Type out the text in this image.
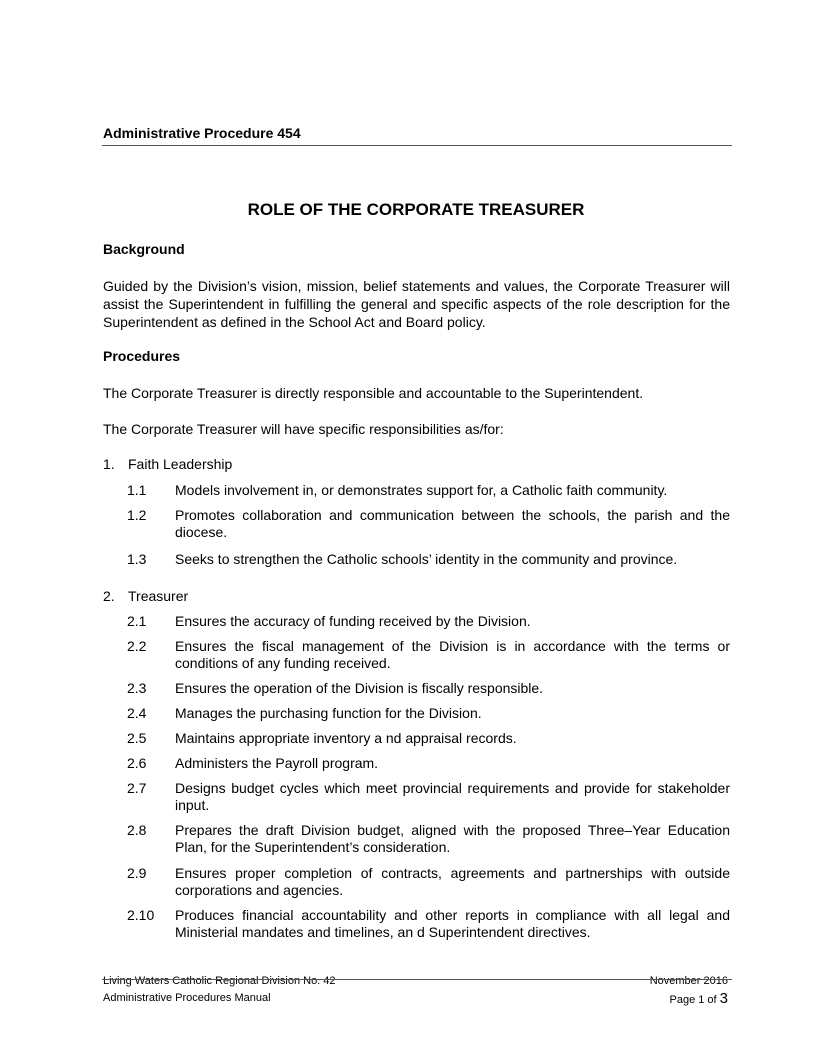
Administrative Procedure 454
ROLE OF THE CORPORATE TREASURER
Background

Guided by the Division’s vision, mission, belief statements and values, the Corporate Treasurer will assist the Superintendent in fulfilling the general and specific aspects of the role description for the Superintendent as defined in the School Act and Board policy.

Procedures

The Corporate Treasurer is directly responsible and accountable to the Superintendent.

The Corporate Treasurer will have specific responsibilities as/for:

1. Faith Leadership
1.1 Models involvement in, or demonstrates support for, a Catholic faith community.
1.2 Promotes collaboration and communication between the schools, the parish and the diocese.
1.3 Seeks to strengthen the Catholic schools’ identity in the community and province.
2. Treasurer
2.1 Ensures the accuracy of funding received by the Division.
2.2 Ensures the fiscal management of the Division is in accordance with the terms or conditions of any funding received.
2.3 Ensures the operation of the Division is fiscally responsible.
2.4 Manages the purchasing function for the Division.
2.5 Maintains appropriate inventory a nd appraisal records.
2.6 Administers the Payroll program.
2.7 Designs budget cycles which meet provincial requirements and provide for stakeholder input.
2.8 Prepares the draft Division budget, aligned with the proposed Three–Year Education Plan, for the Superintendent’s consideration.
2.9 Ensures proper completion of contracts, agreements and partnerships with outside corporations and agencies.
2.10 Produces financial accountability and other reports in compliance with all legal and Ministerial mandates and timelines, an d Superintendent directives.

Living Waters Catholic Regional Division No. 42	November 2016

Administrative Procedures Manual	Page 1 of 3
